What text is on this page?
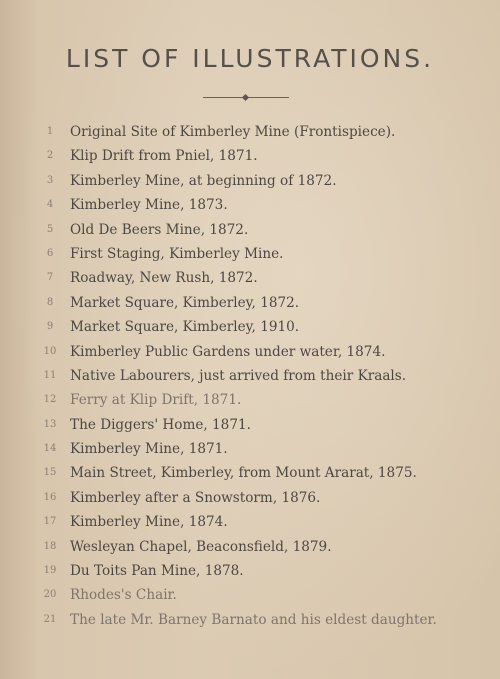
LIST OF ILLUSTRATIONS.
1	Original Site of Kimberley Mine (Frontispiece).
2	Klip Drift from Pniel, 1871.
3	Kimberley Mine, at beginning of 1872.
4	Kimberley Mine, 1873.
5	Old De Beers Mine, 1872.
6	First Staging, Kimberley Mine.
7	Roadway, New Rush, 1872.
8	Market Square, Kimberley, 1872.
9	Market Square, Kimberley, 1910.
10	Kimberley Public Gardens under water, 1874.
11	Native Labourers, just arrived from their Kraals.
12	Ferry at Klip Drift, 1871.
13	The Diggers' Home, 1871.
14	Kimberley Mine, 1871.
15	Main Street, Kimberley, from Mount Ararat, 1875.
16	Kimberley after a Snowstorm, 1876.
17	Kimberley Mine, 1874.
18	Wesleyan Chapel, Beaconsfield, 1879.
19	Du Toits Pan Mine, 1878.
20	Rhodes's Chair.
21	The late Mr. Barney Barnato and his eldest daughter.
